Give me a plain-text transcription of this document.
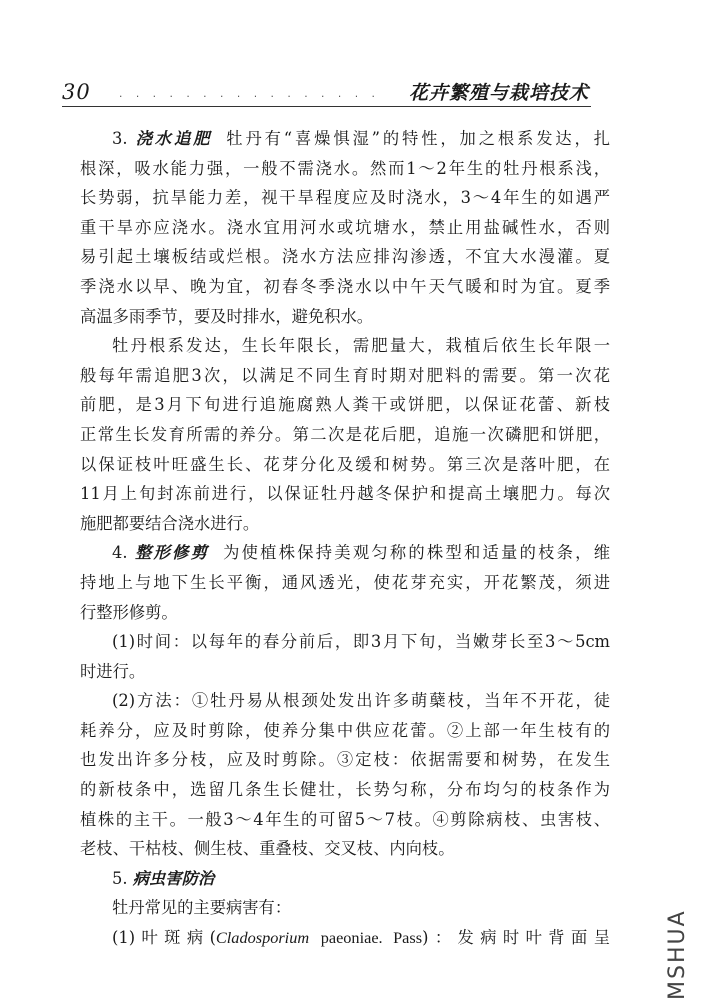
30	. . . . . . . . . . . . . . . . 花卉繁殖与栽培技术
3. 浇水追肥 牡丹有“喜燥惧湿”的特性，加之根系发达，扎
根深，吸水能力强，一般不需浇水。然而1～2年生的牡丹根系浅，
长势弱，抗旱能力差，视干旱程度应及时浇水，3～4年生的如遇严
重干旱亦应浇水。浇水宜用河水或坑塘水，禁止用盐碱性水，否则
易引起土壤板结或烂根。浇水方法应排沟渗透，不宜大水漫灌。夏
季浇水以早、晚为宜，初春冬季浇水以中午天气暖和时为宜。夏季
高温多雨季节，要及时排水，避免积水。
牡丹根系发达，生长年限长，需肥量大，栽植后依生长年限一
般每年需追肥3次，以满足不同生育时期对肥料的需要。第一次花
前肥，是3月下旬进行追施腐熟人粪干或饼肥，以保证花蕾、新枝
正常生长发育所需的养分。第二次是花后肥，追施一次磷肥和饼肥，
以保证枝叶旺盛生长、花芽分化及缓和树势。第三次是落叶肥，在
11月上旬封冻前进行，以保证牡丹越冬保护和提高土壤肥力。每次
施肥都要结合浇水进行。
4. 整形修剪 为使植株保持美观匀称的株型和适量的枝条，维
持地上与地下生长平衡，通风透光，使花芽充实，开花繁茂，须进
行整形修剪。
(1)时间：以每年的春分前后，即3月下旬，当嫩芽长至3～5cm
时进行。
(2)方法：①牡丹易从根颈处发出许多萌蘖枝，当年不开花，徒
耗养分，应及时剪除，使养分集中供应花蕾。②上部一年生枝有的
也发出许多分枝，应及时剪除。③定枝：依据需要和树势，在发生
的新枝条中，选留几条生长健壮，长势匀称，分布均匀的枝条作为
植株的主干。一般3～4年生的可留5～7枝。④剪除病枝、虫害枝、
老枝、干枯枝、侧生枝、重叠枝、交叉枝、内向枝。
5. 病虫害防治
牡丹常见的主要病害有：
(1)叶斑病(Cladosporium paeoniae. Pass)：发病时叶背面呈	MSHUA
